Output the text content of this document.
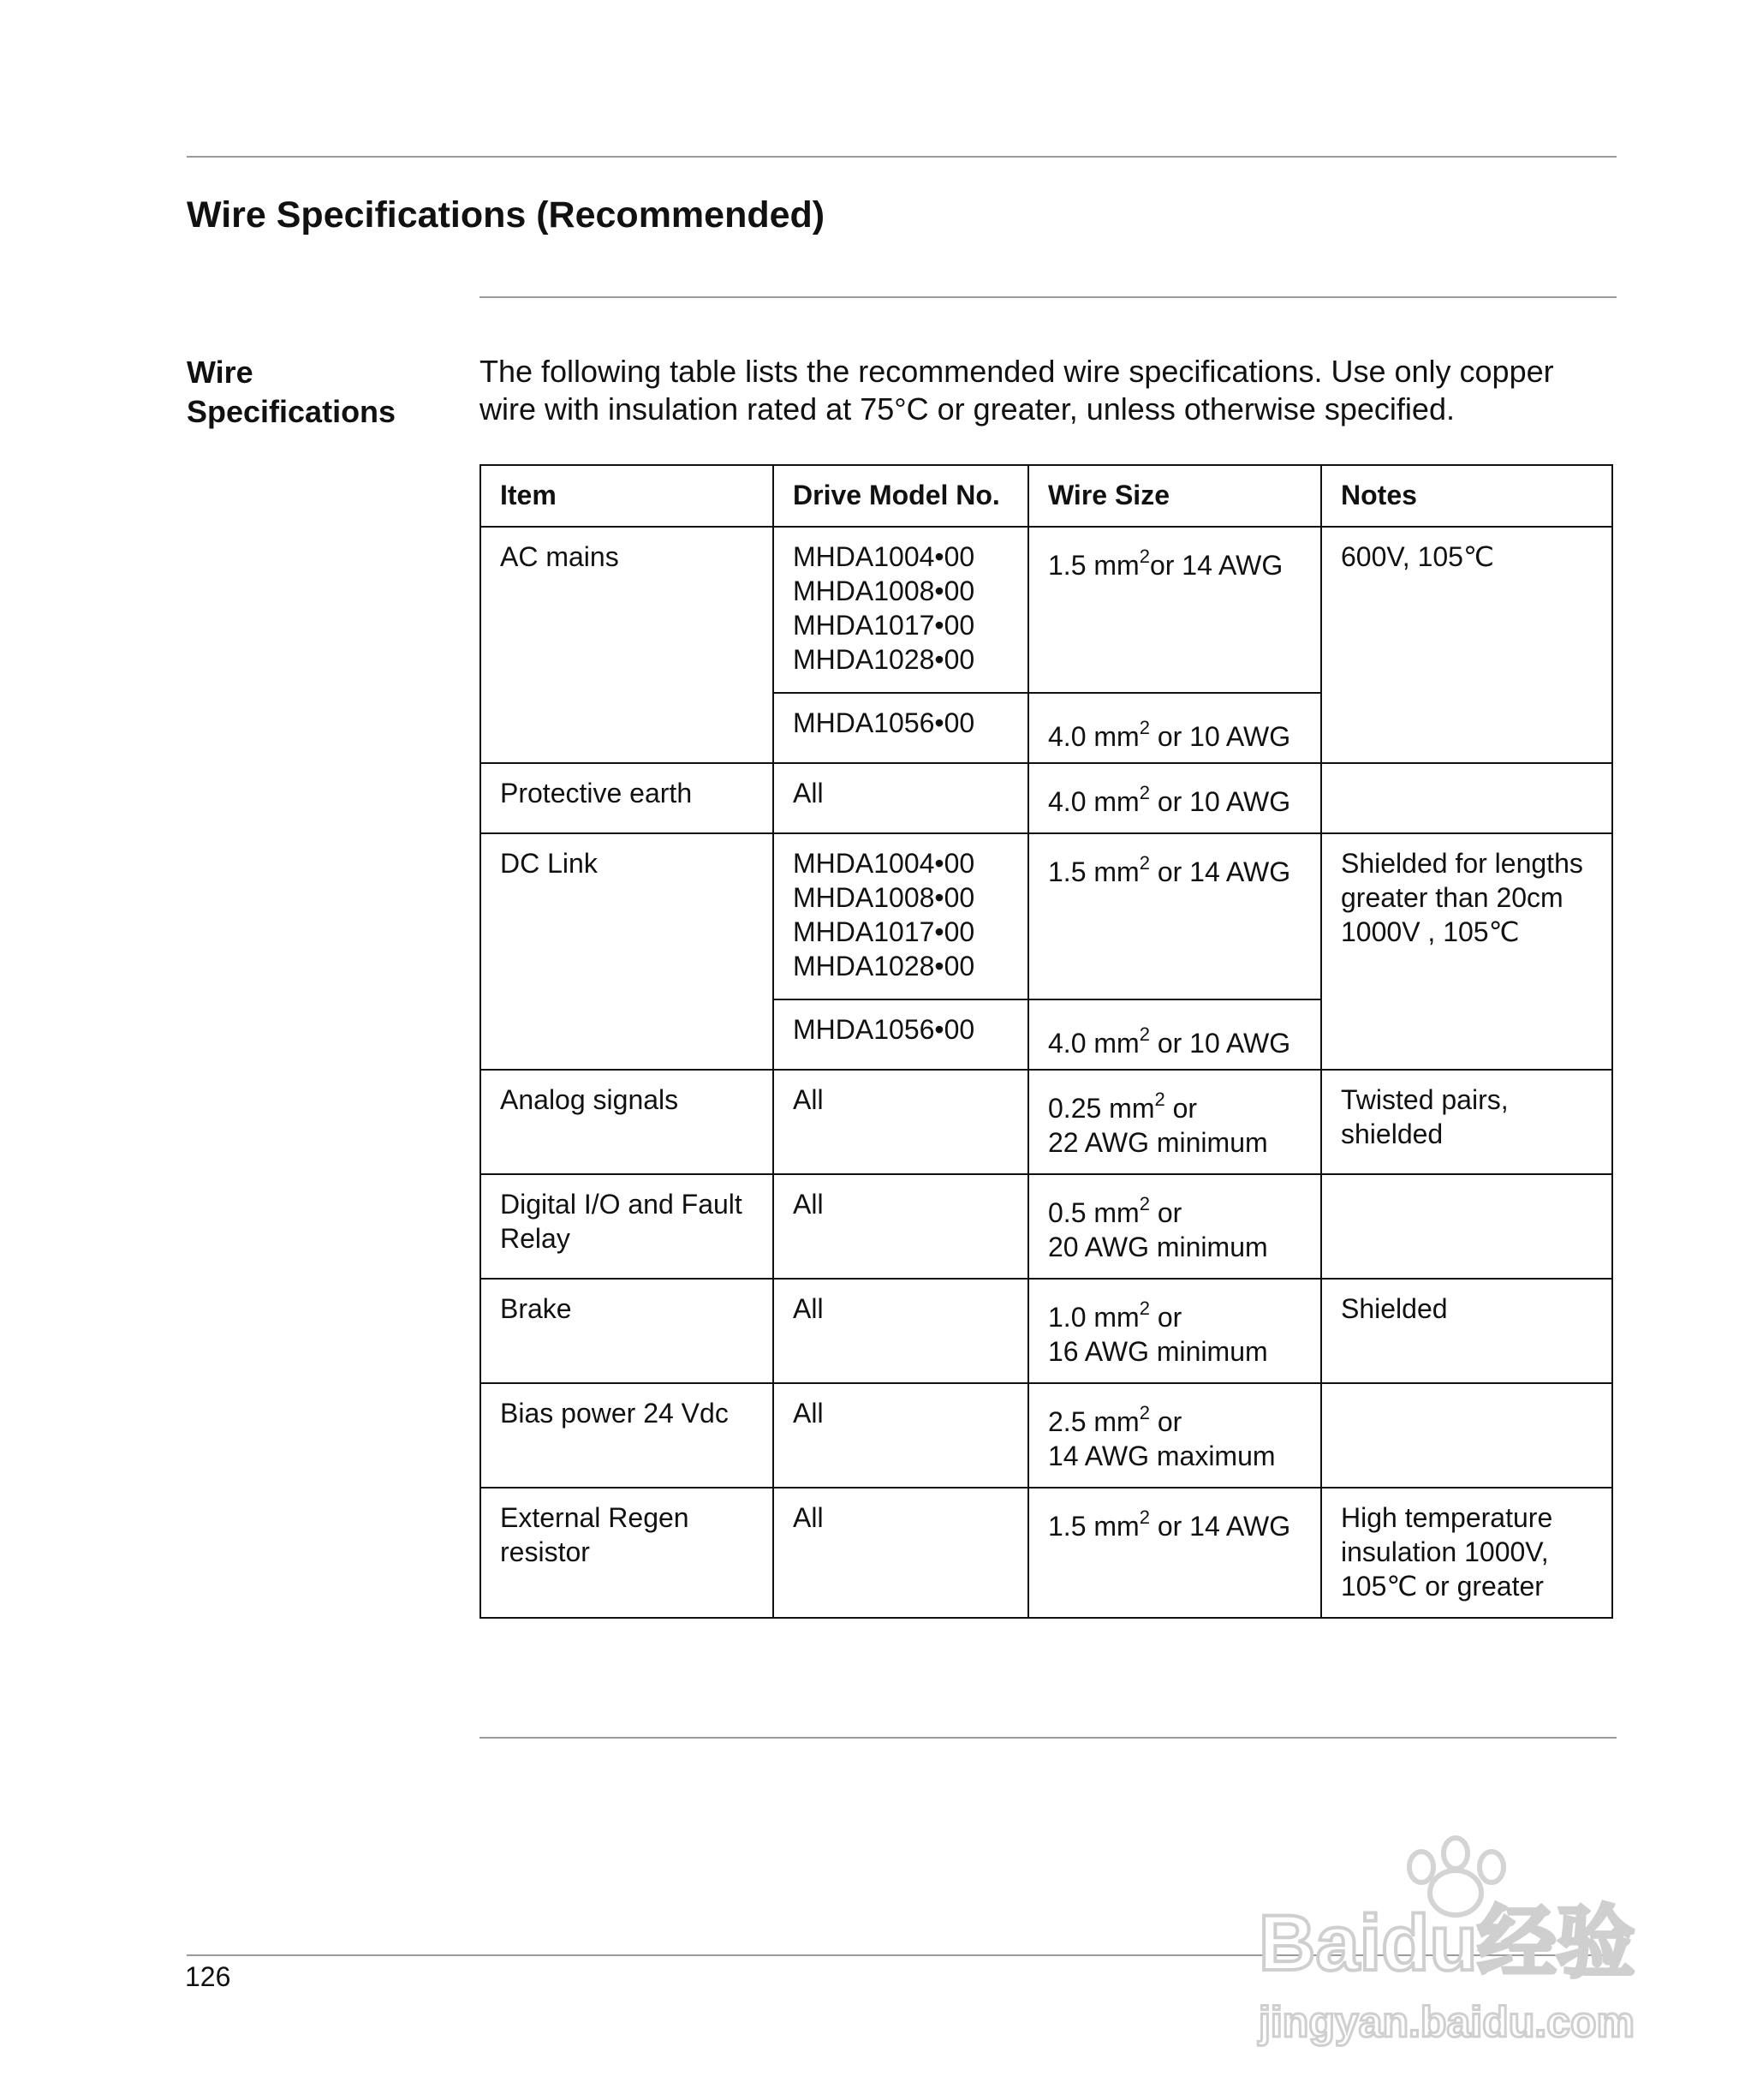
Wire Specifications (Recommended)
Wire
Specifications

The following table lists the recommended wire specifications. Use only copper wire with insulation rated at 75°C or greater, unless otherwise specified.

Item	Drive Model No.	Wire Size	Notes
AC mains	MHDA1004•00
MHDA1008•00
MHDA1017•00
MHDA1028•00	1.5 $mm^2or$ 14 AWG	600V, 105℃

	MHDA1056•00	4.0 $mm^2$ or 10 AWG	

Protective earth	All	4.0 $mm^2$ or 10 AWG	

DC Link	MHDA1004•00
MHDA1008•00
MHDA1017•00
MHDA1028•00	1.5 $mm^2$ or 14 AWG	Shielded for lengths
greater than 20cm
1000V , 105℃

	MHDA1056•00	4.0 $mm^2$ or 10 AWG	

Analog signals	All	0.25 $mm^2$ or
22 AWG minimum	Twisted pairs,
shielded

Digital I/O and Fault
Relay	All	0.5 $mm^2$ or
20 AWG minimum	

Brake	All	1.0 $mm^2$ or
16 AWG minimum	Shielded

Bias power 24 Vdc	All	2.5 $mm^2$ or
14 AWG maximum	

External Regen
resistor	All	1.5 $mm^2$ or 14 AWG	High temperature
insulation 1000V,
105℃ or greater

126	Baidu经验
jingyan.baidu.com
